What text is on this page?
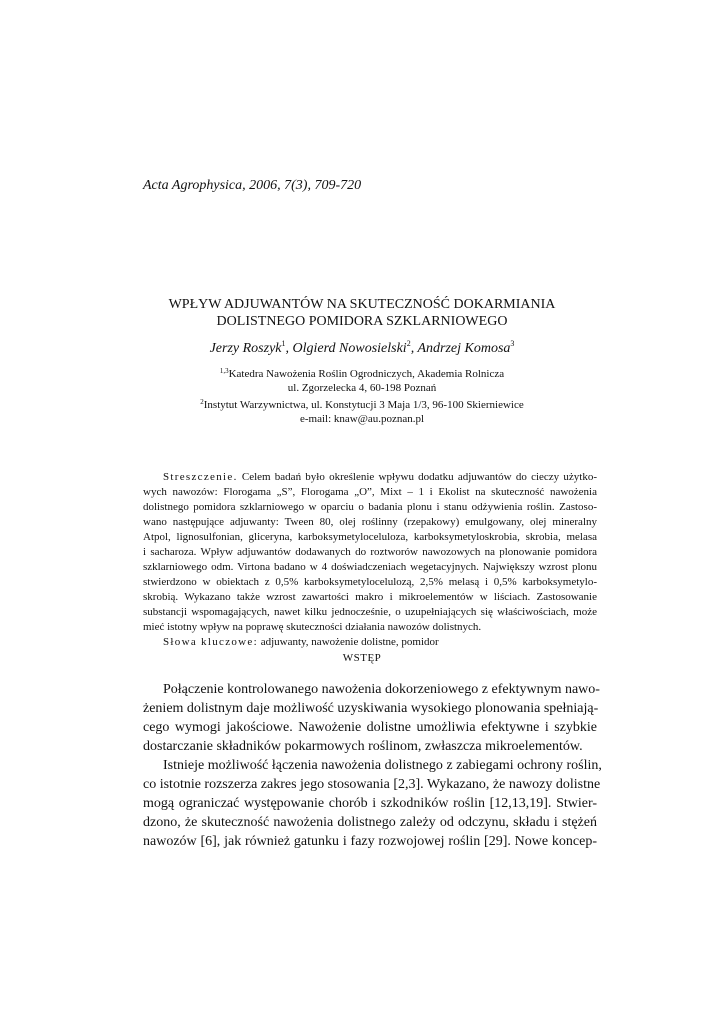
Acta Agrophysica, 2006, 7(3), 709-720
WPŁYW ADJUWANTÓW NA SKUTECZNOŚĆ DOKARMIANIA
DOLISTNEGO POMIDORA SZKLARNIOWEGO
Jerzy Roszyk$^1$, Olgierd Nowosielski$^2$, Andrzej Komosa$^3$
$^{1,3}$Katedra Nawożenia Roślin Ogrodniczych, Akademia Rolnicza
ul. Zgorzelecka 4, 60-198 Poznań
$^2$Instytut Warzywnictwa, ul. Konstytucji 3 Maja 1/3, 96-100 Skierniewice
e-mail: knaw@au.poznan.pl
Streszczenie. Celem badań było określenie wpływu dodatku adjuwantów do cieczy użytko-
wych nawozów: Florogama „S”, Florogama „O”, Mixt – 1 i Ekolist na skuteczność nawożenia
dolistnego pomidora szklarniowego w oparciu o badania plonu i stanu odżywienia roślin. Zastoso-
wano następujące adjuwanty: Tween 80, olej roślinny (rzepakowy) emulgowany, olej mineralny
Atpol, lignosulfonian, gliceryna, karboksymetyloceluloza, karboksymetyloskrobia, skrobia, melasa
i sacharoza. Wpływ adjuwantów dodawanych do roztworów nawozowych na plonowanie pomidora
szklarniowego odm. Virtona badano w 4 doświadczeniach wegetacyjnych. Największy wzrost plonu
stwierdzono w obiektach z 0,5% karboksymetylocelulozą, 2,5% melasą i 0,5% karboksymetylo-
skrobią. Wykazano także wzrost zawartości makro i mikroelementów w liściach. Zastosowanie
substancji wspomagających, nawet kilku jednocześnie, o uzupełniających się właściwościach, może
mieć istotny wpływ na poprawę skuteczności działania nawozów dolistnych.
Słowa kluczowe: adjuwanty, nawożenie dolistne, pomidor
WSTĘP
Połączenie kontrolowanego nawożenia dokorzeniowego z efektywnym nawo-
żeniem dolistnym daje możliwość uzyskiwania wysokiego plonowania spełniają-
cego wymogi jakościowe. Nawożenie dolistne umożliwia efektywne i szybkie
dostarczanie składników pokarmowych roślinom, zwłaszcza mikroelementów.
Istnieje możliwość łączenia nawożenia dolistnego z zabiegami ochrony roślin,
co istotnie rozszerza zakres jego stosowania [2,3]. Wykazano, że nawozy dolistne
mogą ograniczać występowanie chorób i szkodników roślin [12,13,19]. Stwier-
dzono, że skuteczność nawożenia dolistnego zależy od odczynu, składu i stężeń
nawozów [6], jak również gatunku i fazy rozwojowej roślin [29]. Nowe koncep-
